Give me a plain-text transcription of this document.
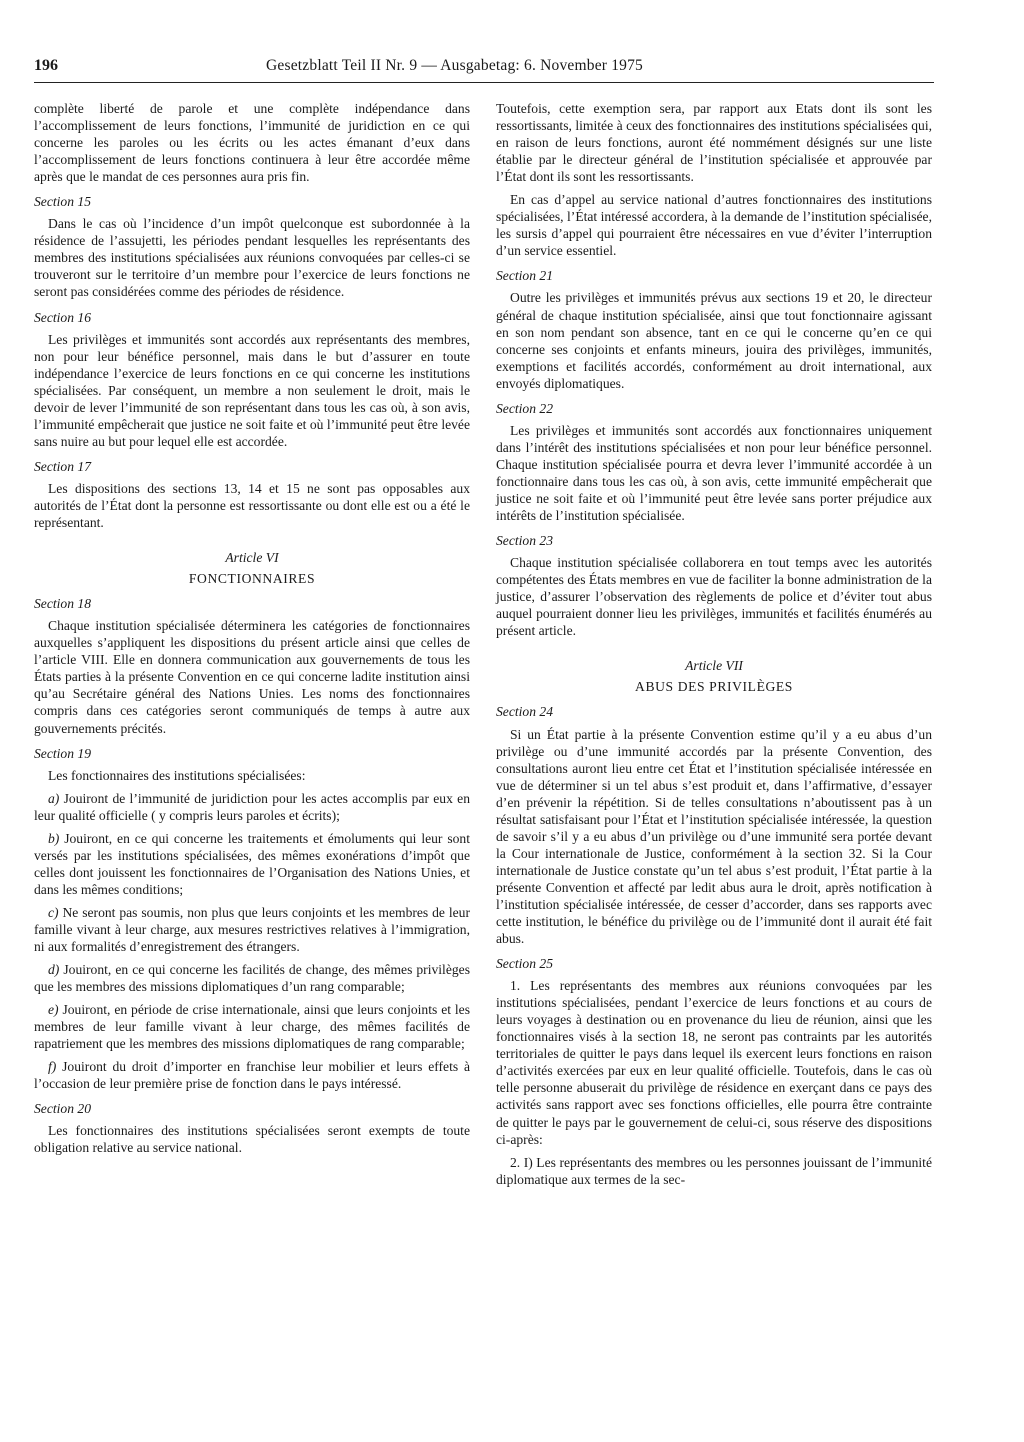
196	Gesetzblatt Teil II Nr. 9 — Ausgabetag: 6. November 1975

complète liberté de parole et une complète indépendance dans l’accomplissement de leurs fonctions, l’immunité de juridiction en ce qui concerne les paroles ou les écrits ou les actes émanant d’eux dans l’accomplissement de leurs fonctions continuera à leur être accordée même après que le mandat de ces personnes aura pris fin.

Section 15

Dans le cas où l’incidence d’un impôt quelconque est subordonnée à la résidence de l’assujetti, les périodes pendant lesquelles les représentants des membres des institutions spécialisées aux réunions convoquées par celles-ci se trouveront sur le territoire d’un membre pour l’exercice de leurs fonctions ne seront pas considérées comme des périodes de résidence.

Section 16

Les privilèges et immunités sont accordés aux représentants des membres, non pour leur bénéfice personnel, mais dans le but d’assurer en toute indépendance l’exercice de leurs fonctions en ce qui concerne les institutions spécialisées. Par conséquent, un membre a non seulement le droit, mais le devoir de lever l’immunité de son représentant dans tous les cas où, à son avis, l’immunité empêcherait que justice ne soit faite et où l’immunité peut être levée sans nuire au but pour lequel elle est accordée.

Section 17

Les dispositions des sections 13, 14 et 15 ne sont pas opposables aux autorités de l’État dont la personne est ressortissante ou dont elle est ou a été le représentant.

Article VI
FONCTIONNAIRES
Section 18

Chaque institution spécialisée déterminera les catégories de fonctionnaires auxquelles s’appliquent les dispositions du présent article ainsi que celles de l’article VIII. Elle en donnera communication aux gouvernements de tous les États parties à la présente Convention en ce qui concerne ladite institution ainsi qu’au Secrétaire général des Nations Unies. Les noms des fonctionnaires compris dans ces catégories seront communiqués de temps à autre aux gouvernements précités.

Section 19

Les fonctionnaires des institutions spécialisées:

a) Jouiront de l’immunité de juridiction pour les actes accomplis par eux en leur qualité officielle ( y compris leurs paroles et écrits);

b) Jouiront, en ce qui concerne les traitements et émoluments qui leur sont versés par les institutions spécialisées, des mêmes exonérations d’impôt que celles dont jouissent les fonctionnaires de l’Organisation des Nations Unies, et dans les mêmes conditions;

c) Ne seront pas soumis, non plus que leurs conjoints et les membres de leur famille vivant à leur charge, aux mesures restrictives relatives à l’immigration, ni aux formalités d’enregistrement des étrangers.

d) Jouiront, en ce qui concerne les facilités de change, des mêmes privilèges que les membres des missions diplomatiques d’un rang comparable;

e) Jouiront, en période de crise internationale, ainsi que leurs conjoints et les membres de leur famille vivant à leur charge, des mêmes facilités de rapatriement que les membres des missions diplomatiques de rang comparable;

f) Jouiront du droit d’importer en franchise leur mobilier et leurs effets à l’occasion de leur première prise de fonction dans le pays intéressé.

Section 20

Les fonctionnaires des institutions spécialisées seront exempts de toute obligation relative au service national.

Toutefois, cette exemption sera, par rapport aux Etats dont ils sont les ressortissants, limitée à ceux des fonctionnaires des institutions spécialisées qui, en raison de leurs fonctions, auront été nommément désignés sur une liste établie par le directeur général de l’institution spécialisée et approuvée par l’État dont ils sont les ressortissants.

En cas d’appel au service national d’autres fonctionnaires des institutions spécialisées, l’État intéressé accordera, à la demande de l’institution spécialisée, les sursis d’appel qui pourraient être nécessaires en vue d’éviter l’interruption d’un service essentiel.

Section 21

Outre les privilèges et immunités prévus aux sections 19 et 20, le directeur général de chaque institution spécialisée, ainsi que tout fonctionnaire agissant en son nom pendant son absence, tant en ce qui le concerne qu’en ce qui concerne ses conjoints et enfants mineurs, jouira des privilèges, immunités, exemptions et facilités accordés, conformément au droit international, aux envoyés diplomatiques.

Section 22

Les privilèges et immunités sont accordés aux fonctionnaires uniquement dans l’intérêt des institutions spécialisées et non pour leur bénéfice personnel. Chaque institution spécialisée pourra et devra lever l’immunité accordée à un fonctionnaire dans tous les cas où, à son avis, cette immunité empêcherait que justice ne soit faite et où l’immunité peut être levée sans porter préjudice aux intérêts de l’institution spécialisée.

Section 23

Chaque institution spécialisée collaborera en tout temps avec les autorités compétentes des États membres en vue de faciliter la bonne administration de la justice, d’assurer l’observation des règlements de police et d’éviter tout abus auquel pourraient donner lieu les privilèges, immunités et facilités énumérés au présent article.

Article VII
ABUS DES PRIVILÈGES
Section 24

Si un État partie à la présente Convention estime qu’il y a eu abus d’un privilège ou d’une immunité accordés par la présente Convention, des consultations auront lieu entre cet État et l’institution spécialisée intéressée en vue de déterminer si un tel abus s’est produit et, dans l’affirmative, d’essayer d’en prévenir la répétition. Si de telles consultations n’aboutissent pas à un résultat satisfaisant pour l’État et l’institution spécialisée intéressée, la question de savoir s’il y a eu abus d’un privilège ou d’une immunité sera portée devant la Cour internationale de Justice, conformément à la section 32. Si la Cour internationale de Justice constate qu’un tel abus s’est produit, l’État partie à la présente Convention et affecté par ledit abus aura le droit, après notification à l’institution spécialisée intéressée, de cesser d’accorder, dans ses rapports avec cette institution, le bénéfice du privilège ou de l’immunité dont il aurait été fait abus.

Section 25

1. Les représentants des membres aux réunions convoquées par les institutions spécialisées, pendant l’exercice de leurs fonctions et au cours de leurs voyages à destination ou en provenance du lieu de réunion, ainsi que les fonctionnaires visés à la section 18, ne seront pas contraints par les autorités territoriales de quitter le pays dans lequel ils exercent leurs fonctions en raison d’activités exercées par eux en leur qualité officielle. Toutefois, dans le cas où telle personne abuserait du privilège de résidence en exerçant dans ce pays des activités sans rapport avec ses fonctions officielles, elle pourra être contrainte de quitter le pays par le gouvernement de celui-ci, sous réserve des dispositions ci-après:

2. I) Les représentants des membres ou les personnes jouissant de l’immunité diplomatique aux termes de la sec-
